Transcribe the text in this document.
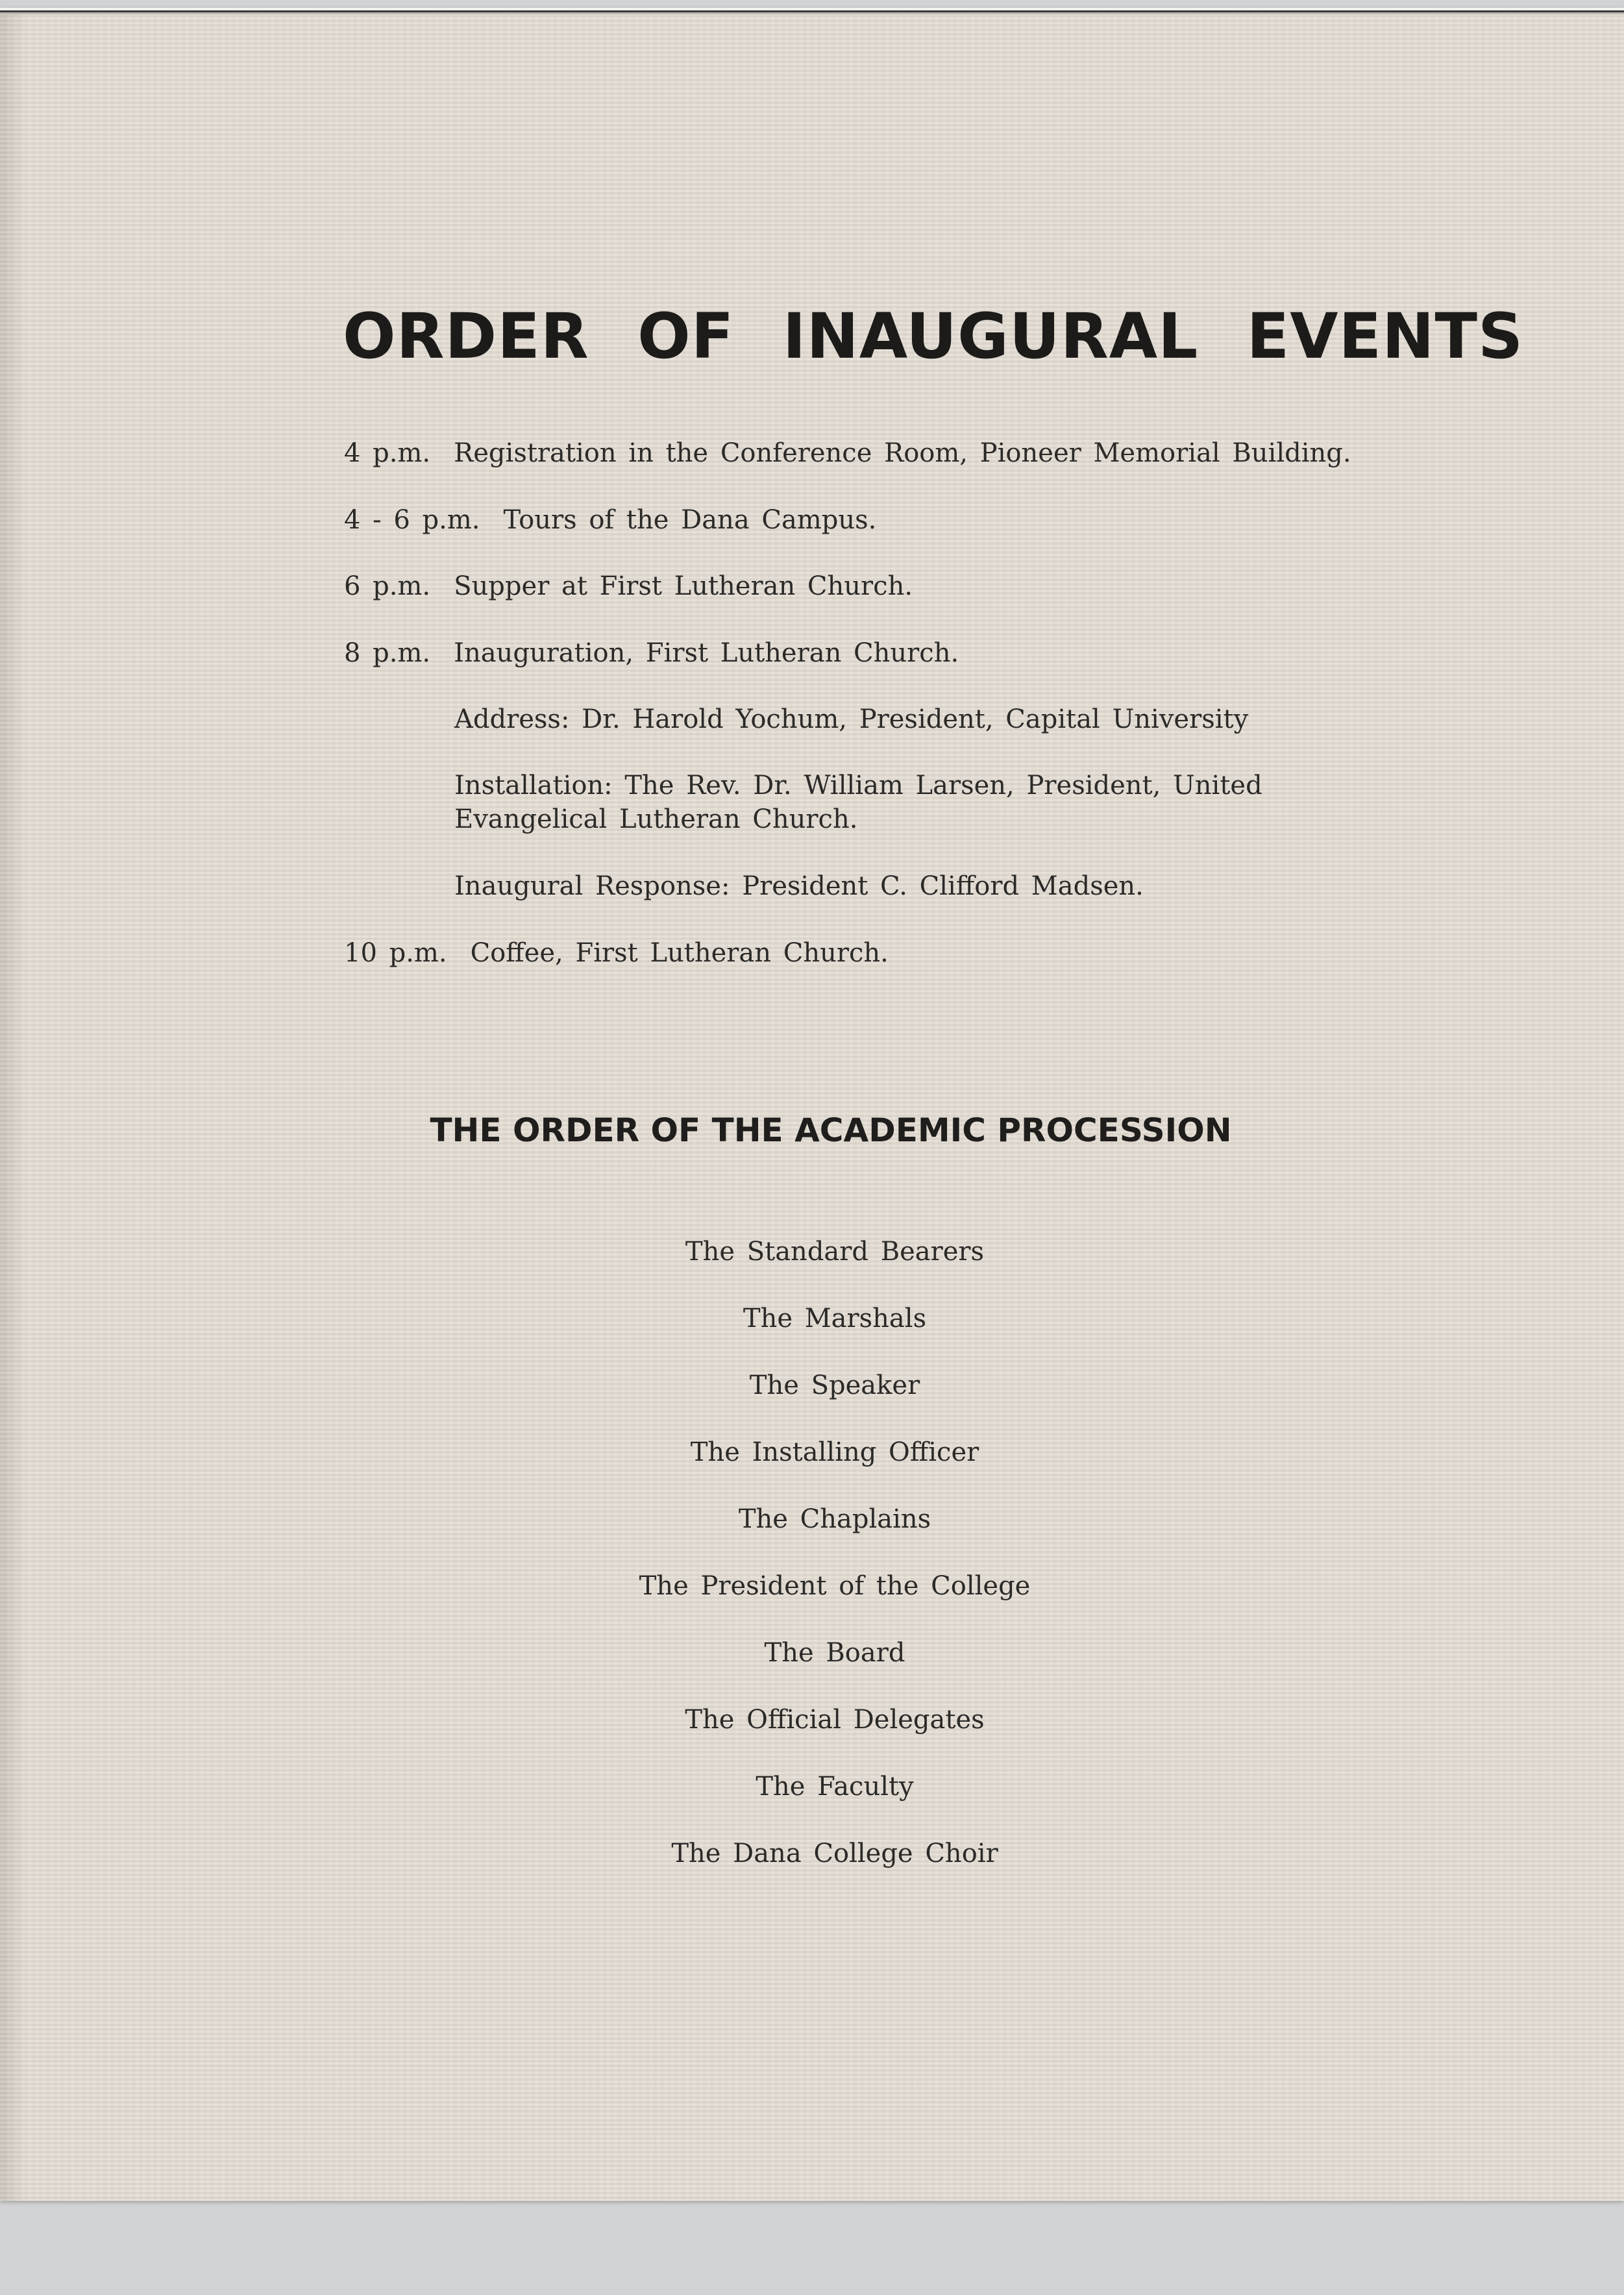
ORDER OF INAUGURAL EVENTS
4 p.m. Registration in the Conference Room, Pioneer Memorial Building.
4 - 6 p.m. Tours of the Dana Campus.
6 p.m. Supper at First Lutheran Church.
8 p.m. Inauguration, First Lutheran Church.
Address: Dr. Harold Yochum, President, Capital University
Installation: The Rev. Dr. William Larsen, President, United Evangelical Lutheran Church.
Inaugural Response: President C. Clifford Madsen.
10 p.m. Coffee, First Lutheran Church.
THE ORDER OF THE ACADEMIC PROCESSION
The Standard Bearers
The Marshals
The Speaker
The Installing Officer
The Chaplains
The President of the College
The Board
The Official Delegates
The Faculty
The Dana College Choir
